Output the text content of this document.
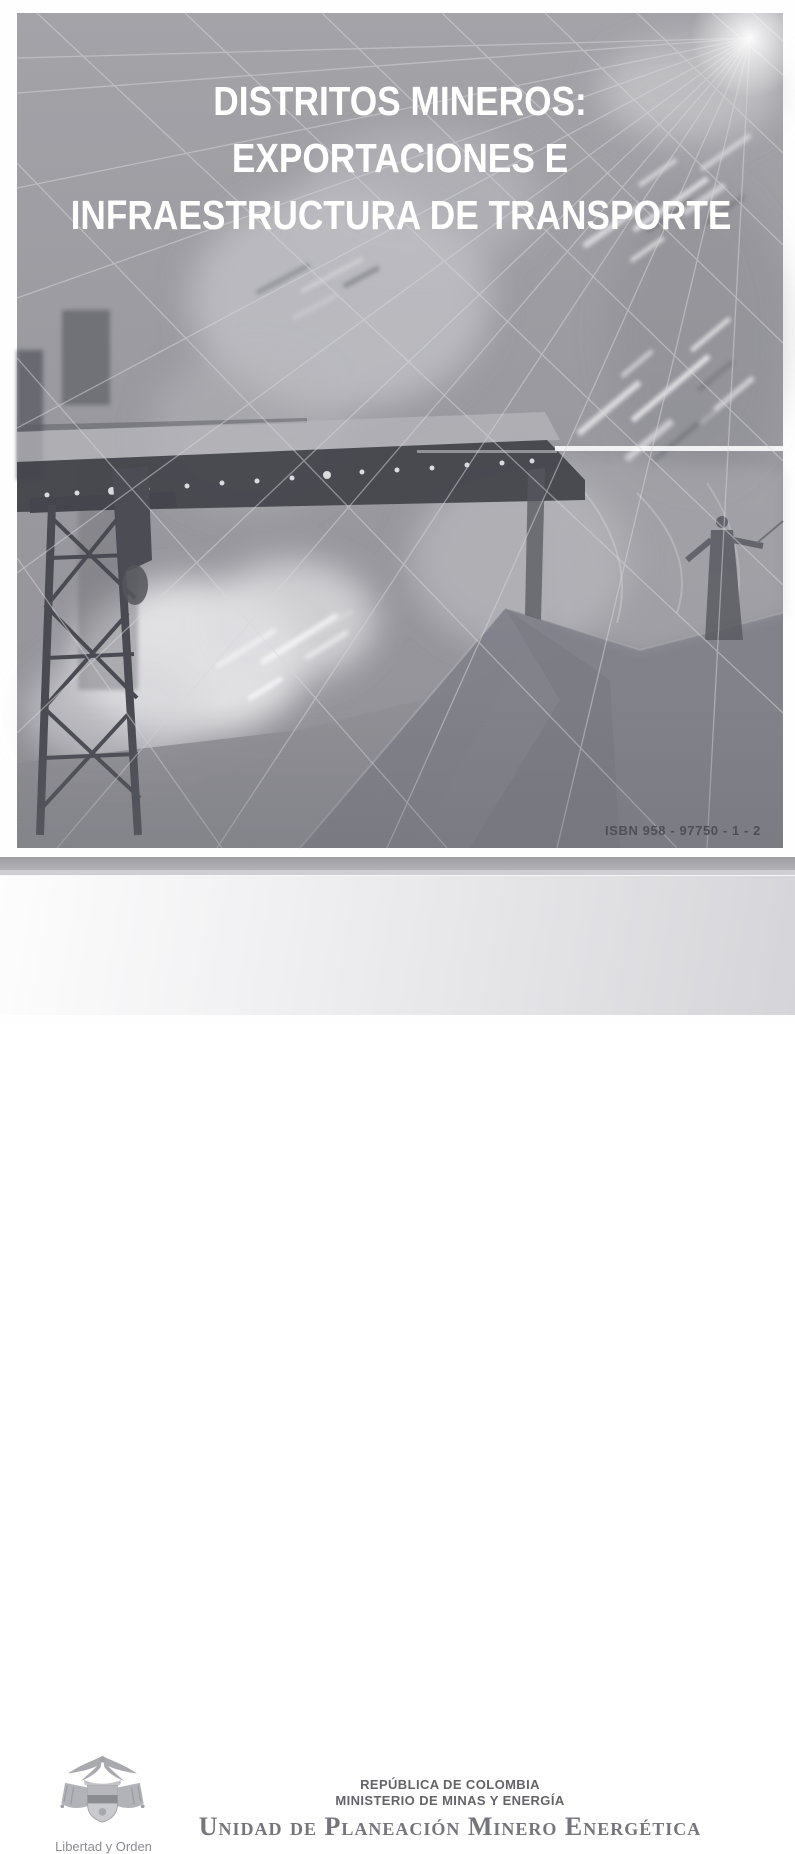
DISTRITOS MINEROS:
EXPORTACIONES E
INFRAESTRUCTURA DE TRANSPORTE
ISBN 958 - 97750 - 1 - 2
Libertad y Orden
REPÚBLICA DE COLOMBIA
MINISTERIO DE MINAS Y ENERGÍA
Unidad de Planeación Minero Energética
